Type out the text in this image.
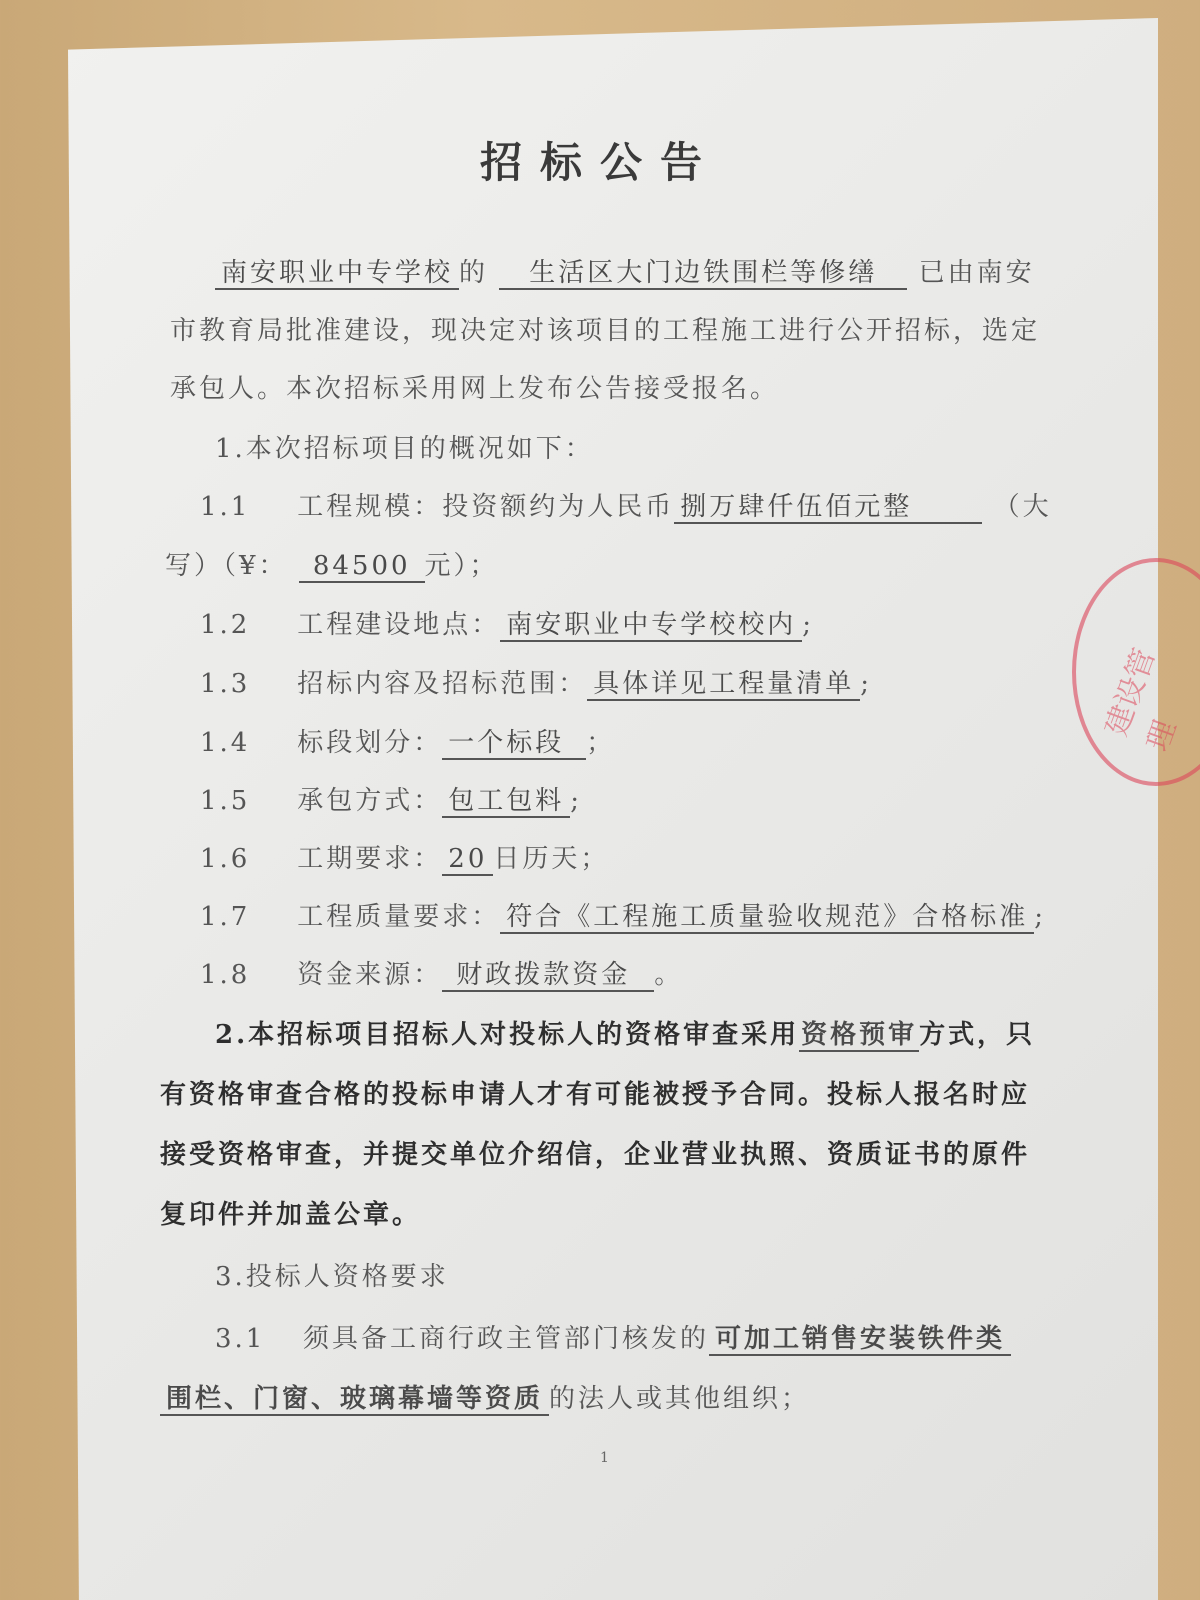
招标公告
南安职业中专学校 的 生活区大门边铁围栏等修缮 已由南安
市教育局批准建设，现决定对该项目的工程施工进行公开招标，选定
承包人。本次招标采用网上发布公告接受报名。
1.本次招标项目的概况如下：
1.1 工程规模：投资额约为人民币 捌万肆仟伍佰元整	（大
写）（¥： 84500 元）；
1.2 工程建设地点： 南安职业中专学校校内 ;
1.3 招标内容及招标范围： 具体详见工程量清单 ;
1.4 标段划分： 一个标段 ；
1.5 承包方式： 包工包料 ;
1.6 工期要求： 20 日历天；
1.7 工程质量要求： 符合《工程施工质量验收规范》合格标准 ;
1.8 资金来源： 财政拨款资金 。
2.本招标项目招标人对投标人的资格审查采用资格预审方式，只
有资格审查合格的投标申请人才有可能被授予合同。投标人报名时应
接受资格审查，并提交单位介绍信，企业营业执照、资质证书的原件
复印件并加盖公章。
3.投标人资格要求
3.1 须具备工商行政主管部门核发的 可加工销售安装铁件类
围栏、门窗、玻璃幕墙等资质 的法人或其他组织；
建设管理
1
